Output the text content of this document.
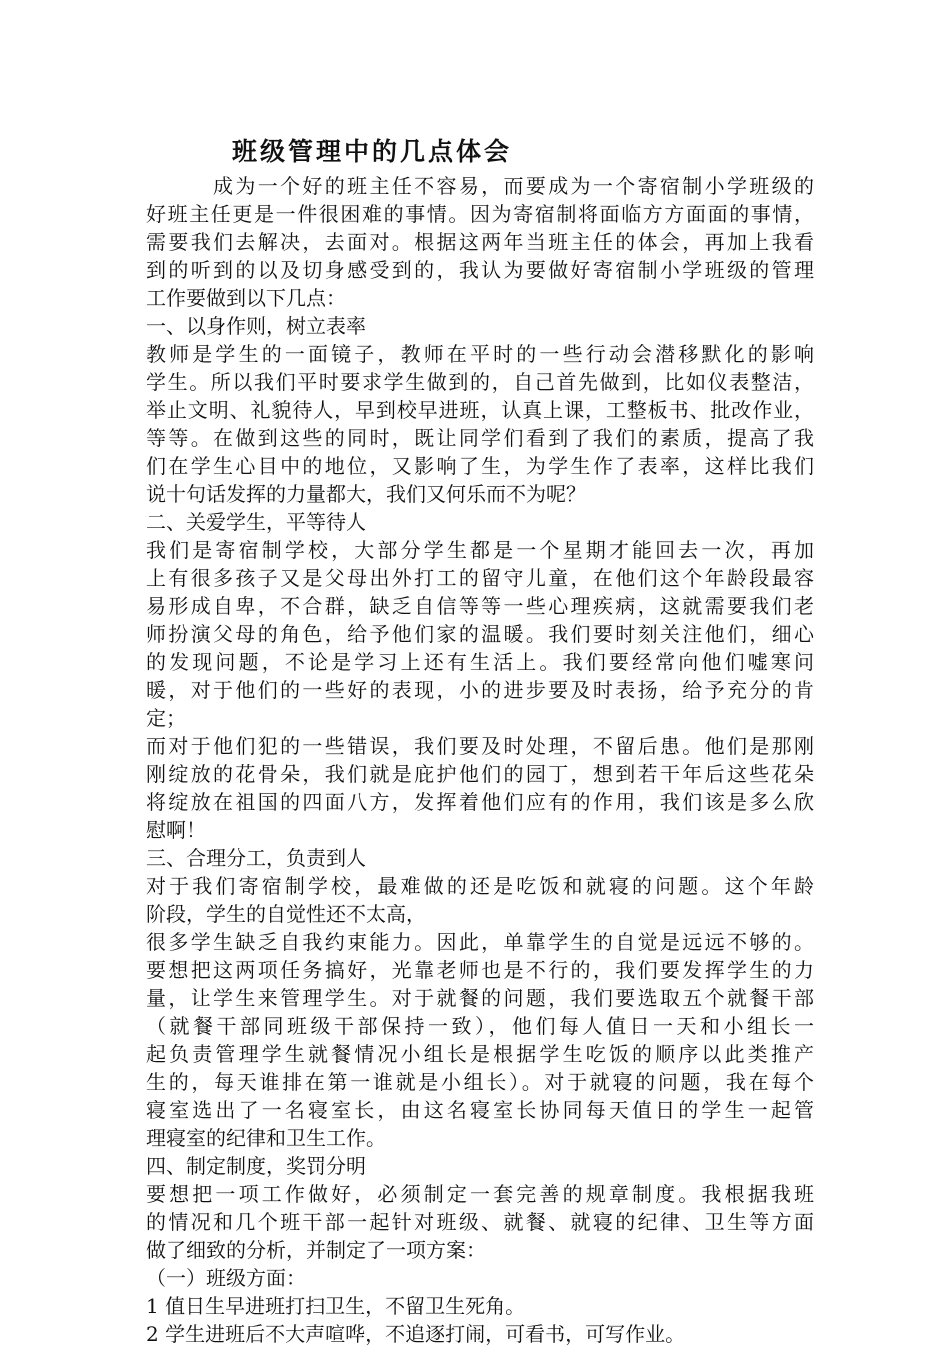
班级管理中的几点体会
　　　成为一个好的班主任不容易，而要成为一个寄宿制小学班级的
好班主任更是一件很困难的事情。因为寄宿制将面临方方面面的事情，
需要我们去解决，去面对。根据这两年当班主任的体会，再加上我看
到的听到的以及切身感受到的，我认为要做好寄宿制小学班级的管理
工作要做到以下几点：
一、以身作则，树立表率
教师是学生的一面镜子，教师在平时的一些行动会潜移默化的影响
学生。所以我们平时要求学生做到的，自己首先做到，比如仪表整洁，
举止文明、礼貌待人，早到校早进班，认真上课，工整板书、批改作业，
等等。在做到这些的同时，既让同学们看到了我们的素质，提高了我
们在学生心目中的地位，又影响了生，为学生作了表率，这样比我们
说十句话发挥的力量都大，我们又何乐而不为呢？
二、关爱学生，平等待人
我们是寄宿制学校，大部分学生都是一个星期才能回去一次，再加
上有很多孩子又是父母出外打工的留守儿童，在他们这个年龄段最容
易形成自卑，不合群，缺乏自信等等一些心理疾病，这就需要我们老
师扮演父母的角色，给予他们家的温暖。我们要时刻关注他们，细心
的发现问题，不论是学习上还有生活上。我们要经常向他们嘘寒问
暖，对于他们的一些好的表现，小的进步要及时表扬，给予充分的肯
定；
而对于他们犯的一些错误，我们要及时处理，不留后患。他们是那刚
刚绽放的花骨朵，我们就是庇护他们的园丁，想到若干年后这些花朵
将绽放在祖国的四面八方，发挥着他们应有的作用，我们该是多么欣
慰啊！
三、合理分工，负责到人
对于我们寄宿制学校，最难做的还是吃饭和就寝的问题。这个年龄
阶段，学生的自觉性还不太高，
很多学生缺乏自我约束能力。因此，单靠学生的自觉是远远不够的。
要想把这两项任务搞好，光靠老师也是不行的，我们要发挥学生的力
量，让学生来管理学生。对于就餐的问题，我们要选取五个就餐干部
（就餐干部同班级干部保持一致），他们每人值日一天和小组长一
起负责管理学生就餐情况小组长是根据学生吃饭的顺序以此类推产
生的，每天谁排在第一谁就是小组长）。对于就寝的问题，我在每个
寝室选出了一名寝室长，由这名寝室长协同每天值日的学生一起管
理寝室的纪律和卫生工作。
四、制定制度，奖罚分明
要想把一项工作做好，必须制定一套完善的规章制度。我根据我班
的情况和几个班干部一起针对班级、就餐、就寝的纪律、卫生等方面
做了细致的分析，并制定了一项方案：
（一）班级方面：
1 值日生早进班打扫卫生，不留卫生死角。
2 学生进班后不大声喧哗，不追逐打闹，可看书，可写作业。
